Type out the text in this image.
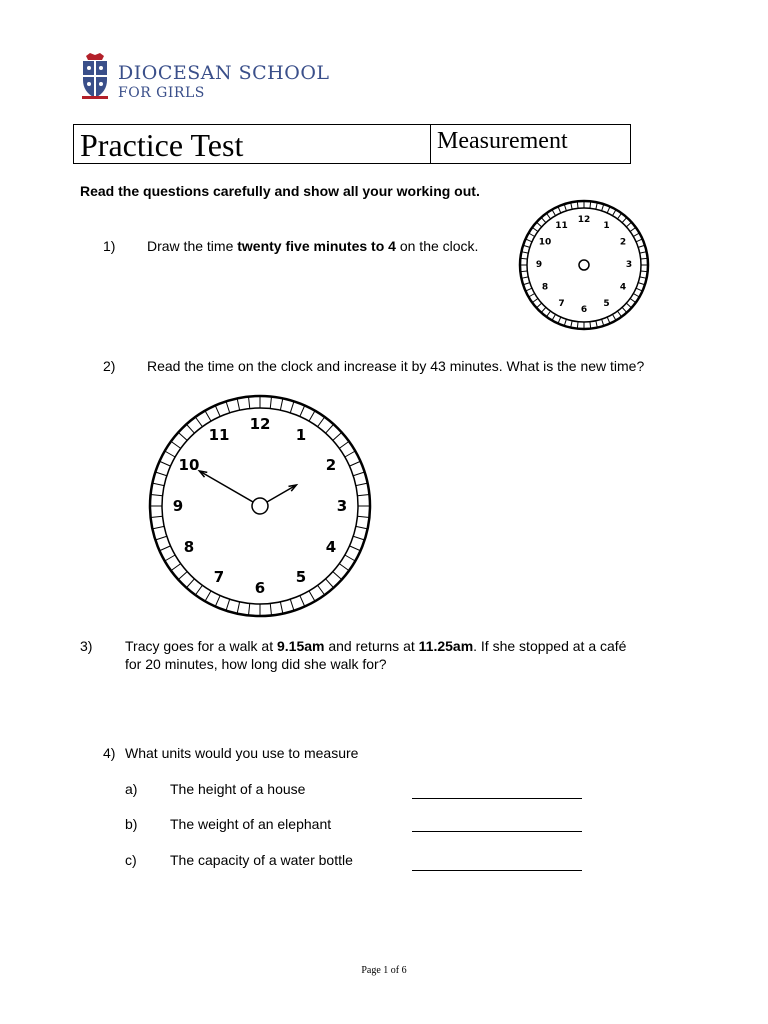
DIOCESAN SCHOOL
FOR GIRLS
Practice Test	Measurement
Read the questions carefully and show all your working out.
1) Draw the time twenty five minutes to 4 on the clock.
12
1
2
3
4
5
6
7
8
9
10
11
2) Read the time on the clock and increase it by 43 minutes. What is the new time?
12
1
2
3
4
5
6
7
8
9
10
11
3) Tracy goes for a walk at 9.15am and returns at 11.25am. If she stopped at a café
for 20 minutes, how long did she walk for?
4) What units would you use to measure
a) The height of a house
b) The weight of an elephant
c) The capacity of a water bottle
Page 1 of 6
